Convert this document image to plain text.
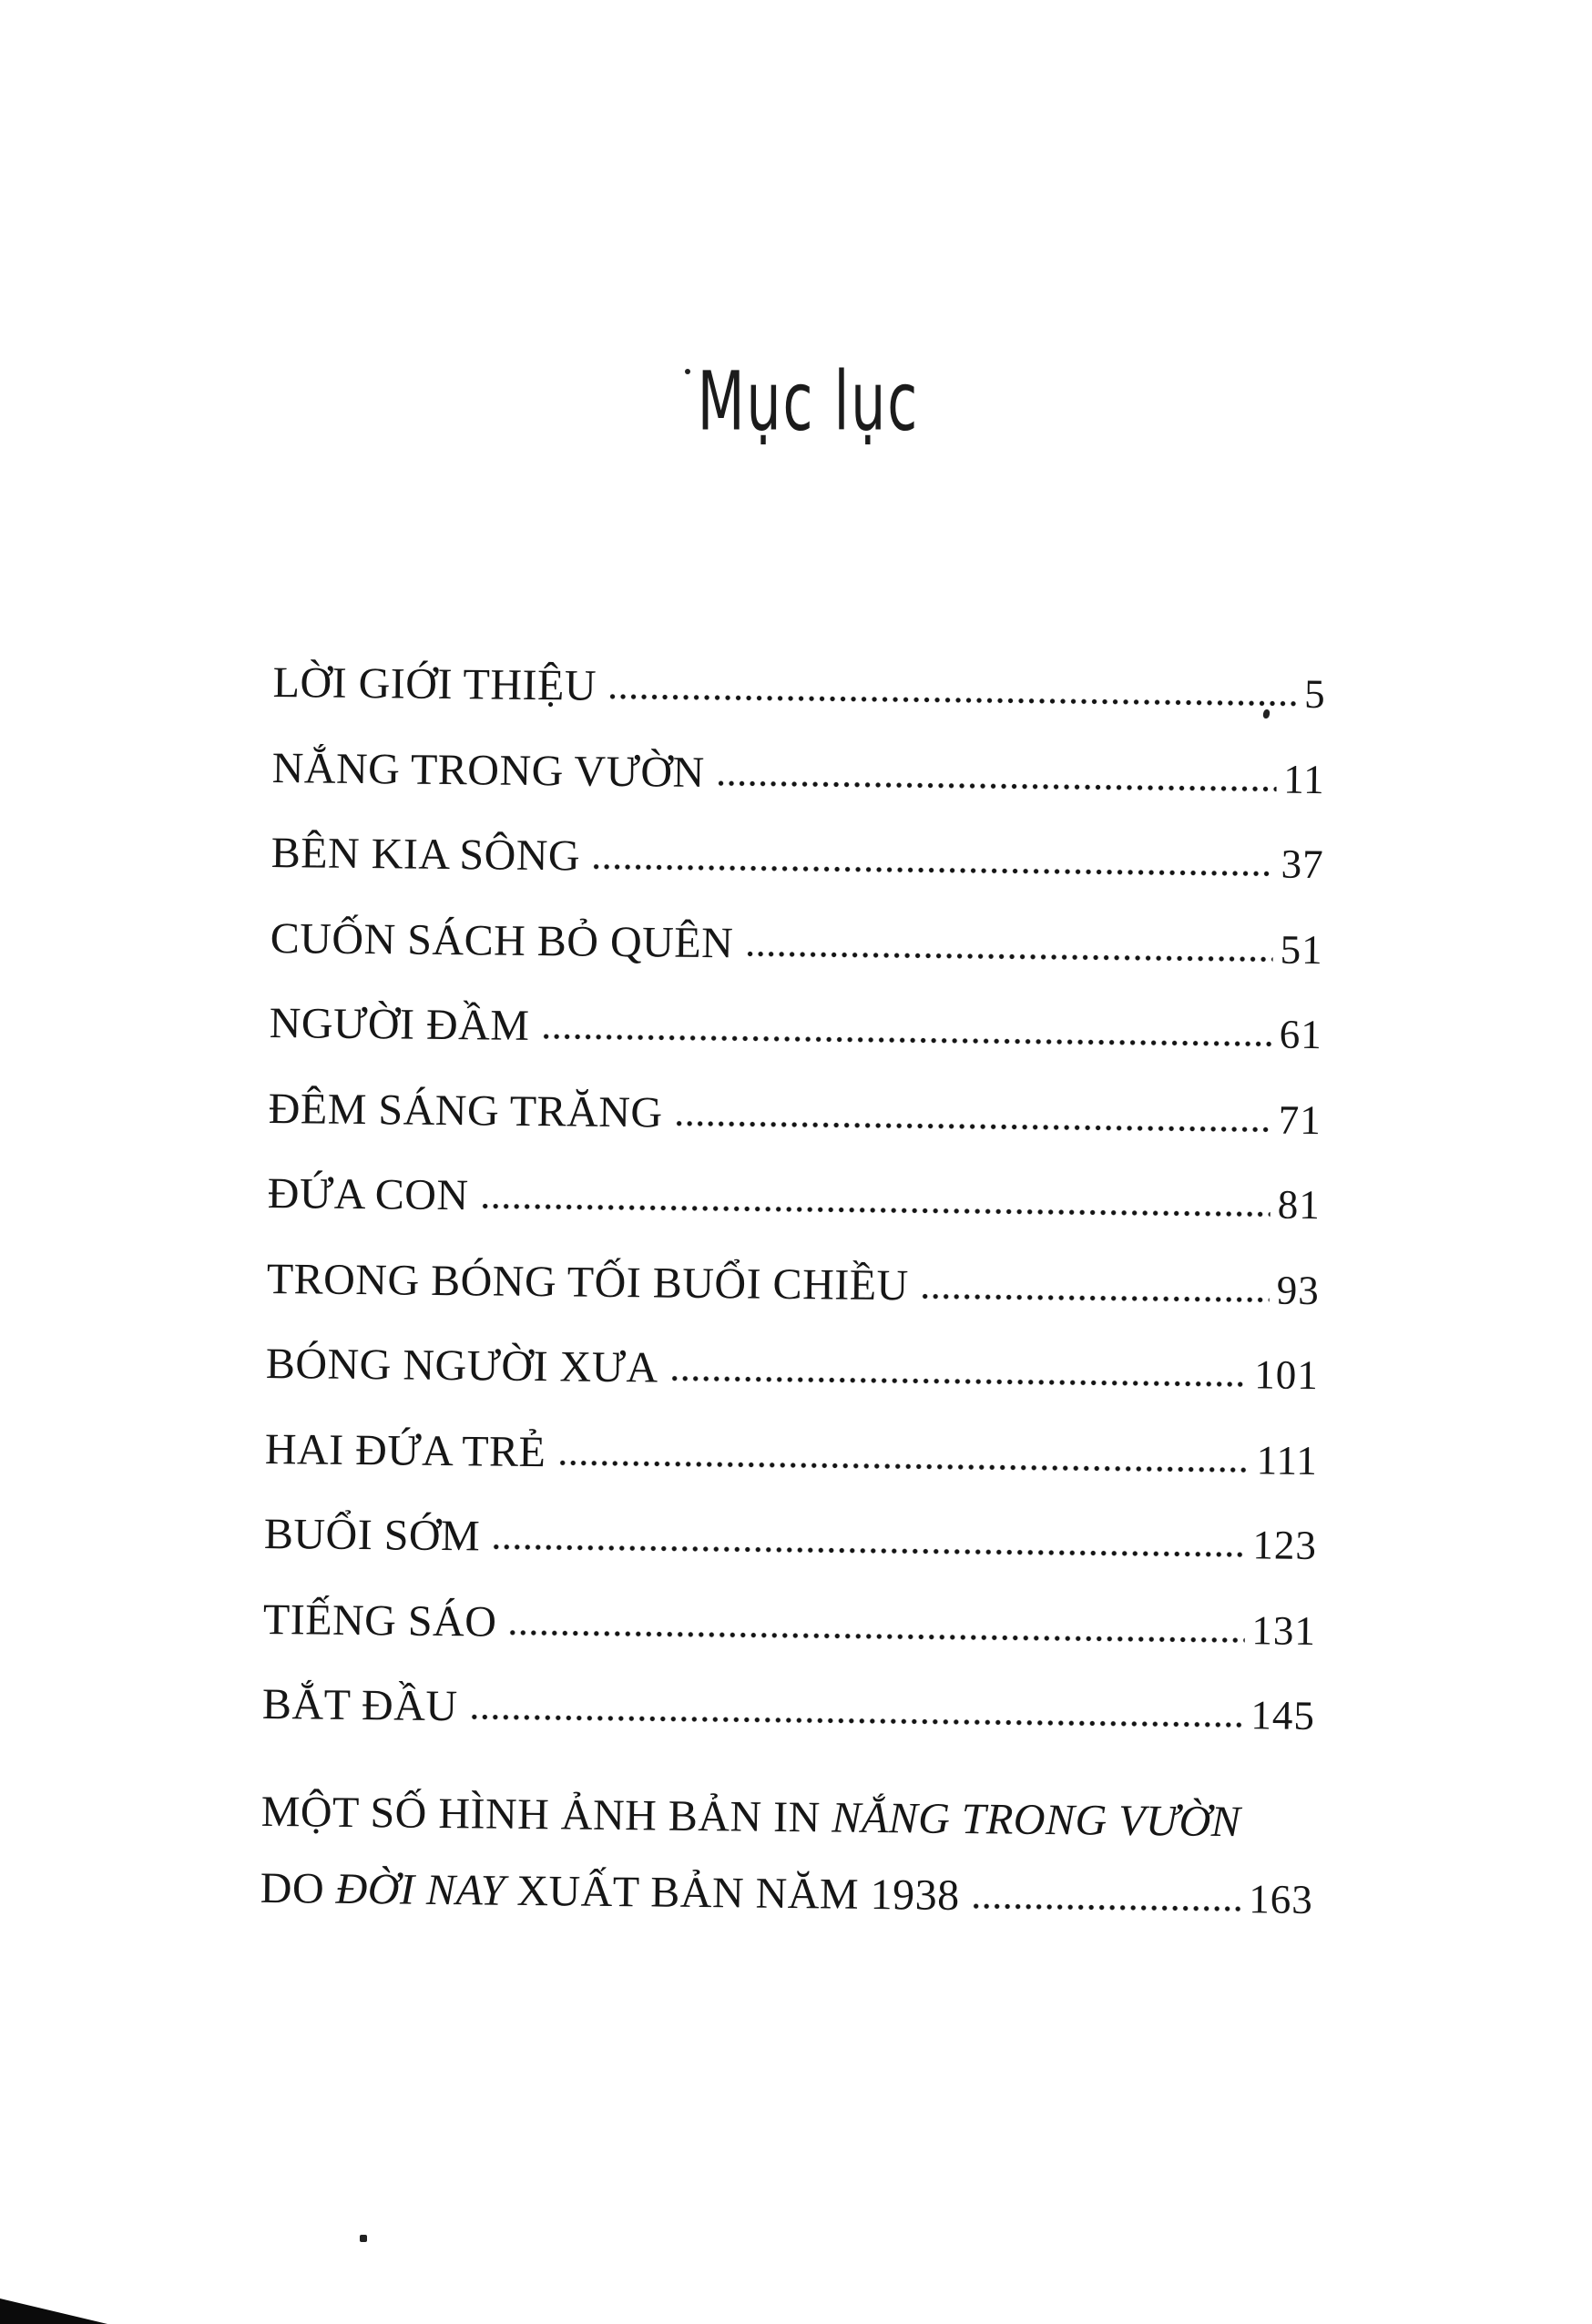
Mục lục
LỜI GIỚI THIỆU	5
NẮNG TRONG VƯỜN	11
BÊN KIA SÔNG	37
CUỐN SÁCH BỎ QUÊN	51
NGƯỜI ĐẦM	61
ĐÊM SÁNG TRĂNG	71
ĐỨA CON	81
TRONG BÓNG TỐI BUỔI CHIỀU	93
BÓNG NGƯỜI XƯA	101
HAI ĐỨA TRẺ	111
BUỔI SỚM	123
TIẾNG SÁO	131
BẮT ĐẦU	145
MỘT SỐ HÌNH ẢNH BẢN IN NẮNG TRONG VƯỜN
DO ĐỜI NAY XUẤT BẢN NĂM 1938	163
